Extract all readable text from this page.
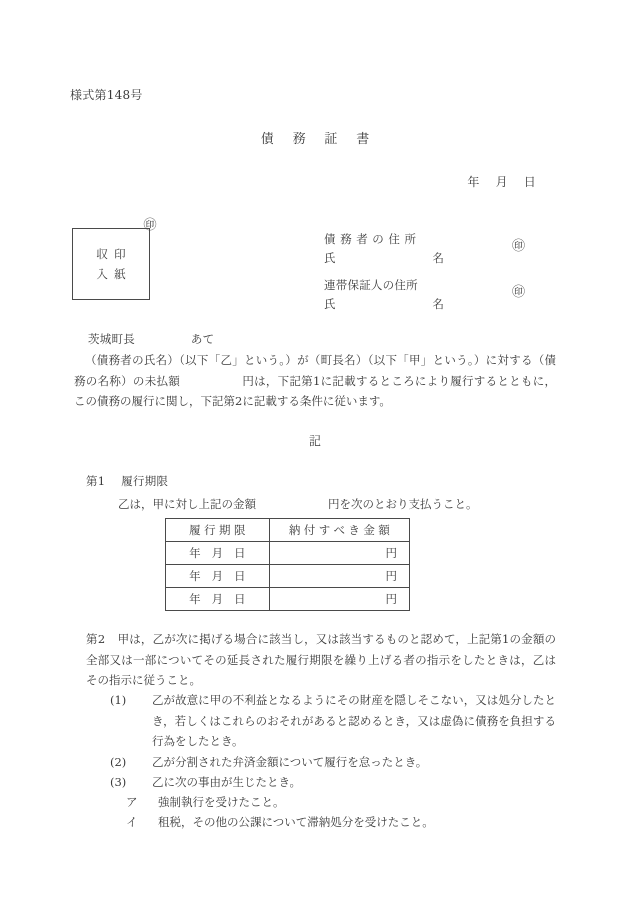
様式第148号
債務証書
年月日
収印
入紙
㊞
債務者の住所
氏	名
㊞
連帯保証人の住所
氏	名
㊞
茨城町長	あて
（債務者の氏名）（以下「乙」という。）が（町長名）（以下「甲」という。）に対する（債務の名称）の未払額	円は，下記第1に記載するところにより履行するとともに，この債務の履行に関し，下記第2に記載する条件に従います。
記
第1 履行期限
乙は，甲に対し上記の金額	円を次のとおり支払うこと。
履行期限	納付すべき金額
年月日	円
年月日	円
年月日	円
第2 甲は，乙が次に掲げる場合に該当し，又は該当するものと認めて，上記第1の金額の全部又は一部についてその延長された履行期限を繰り上げる者の指示をしたときは，乙はその指示に従うこと。
(1)	乙が故意に甲の不利益となるようにその財産を隠しそこない，又は処分したとき，若しくはこれらのおそれがあると認めるとき，又は虚偽に債務を負担する行為をしたとき。
(2)	乙が分割された弁済金額について履行を怠ったとき。
(3)	乙に次の事由が生じたとき。
ア	強制執行を受けたこと。
イ	租税，その他の公課について滞納処分を受けたこと。
